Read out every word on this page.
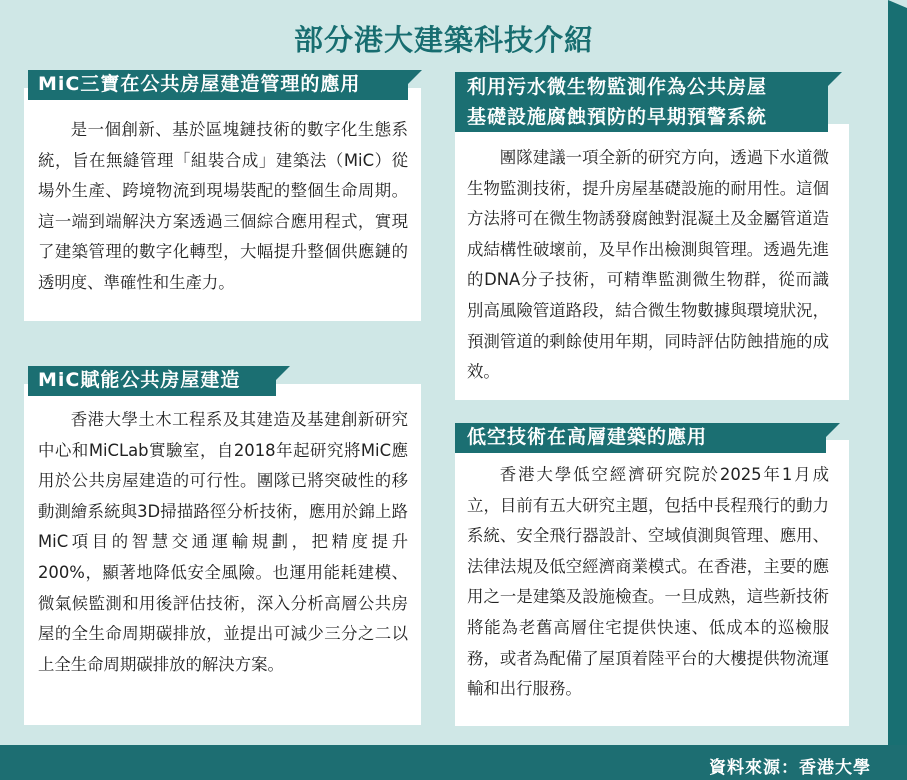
部分港大建築科技介紹
MiC三寶在公共房屋建造管理的應用

是一個創新、基於區塊鏈技術的數字化生態系統，旨在無縫管理「組裝合成」建築法（MiC）從場外生產、跨境物流到現場裝配的整個生命周期。這一端到端解決方案透過三個綜合應用程式，實現了建築管理的數字化轉型，大幅提升整個供應鏈的透明度、準確性和生產力。

MiC賦能公共房屋建造

香港大學土木工程系及其建造及基建創新研究中心和MiCLab實驗室，自2018年起研究將MiC應用於公共房屋建造的可行性。團隊已將突破性的移動測繪系統與3D掃描路徑分析技術，應用於錦上路MiC項目的智慧交通運輸規劃，把精度提升200%，顯著地降低安全風險。也運用能耗建模、微氣候監測和用後評估技術，深入分析高層公共房屋的全生命周期碳排放，並提出可減少三分之二以上全生命周期碳排放的解決方案。

利用污水微生物監測作為公共房屋
基礎設施腐蝕預防的早期預警系統

團隊建議一項全新的研究方向，透過下水道微生物監測技術，提升房屋基礎設施的耐用性。這個方法將可在微生物誘發腐蝕對混凝土及金屬管道造成結構性破壞前，及早作出檢測與管理。透過先進的DNA分子技術，可精準監測微生物群，從而識別高風險管道路段，結合微生物數據與環境狀況，預測管道的剩餘使用年期，同時評估防蝕措施的成效。

低空技術在高層建築的應用

香港大學低空經濟研究院於2025年1月成立，目前有五大研究主題，包括中長程飛行的動力系統、安全飛行器設計、空域偵測與管理、應用、法律法規及低空經濟商業模式。在香港，主要的應用之一是建築及設施檢查。一旦成熟，這些新技術將能為老舊高層住宅提供快速、低成本的巡檢服務，或者為配備了屋頂着陸平台的大樓提供物流運輸和出行服務。

資料來源：香港大學
